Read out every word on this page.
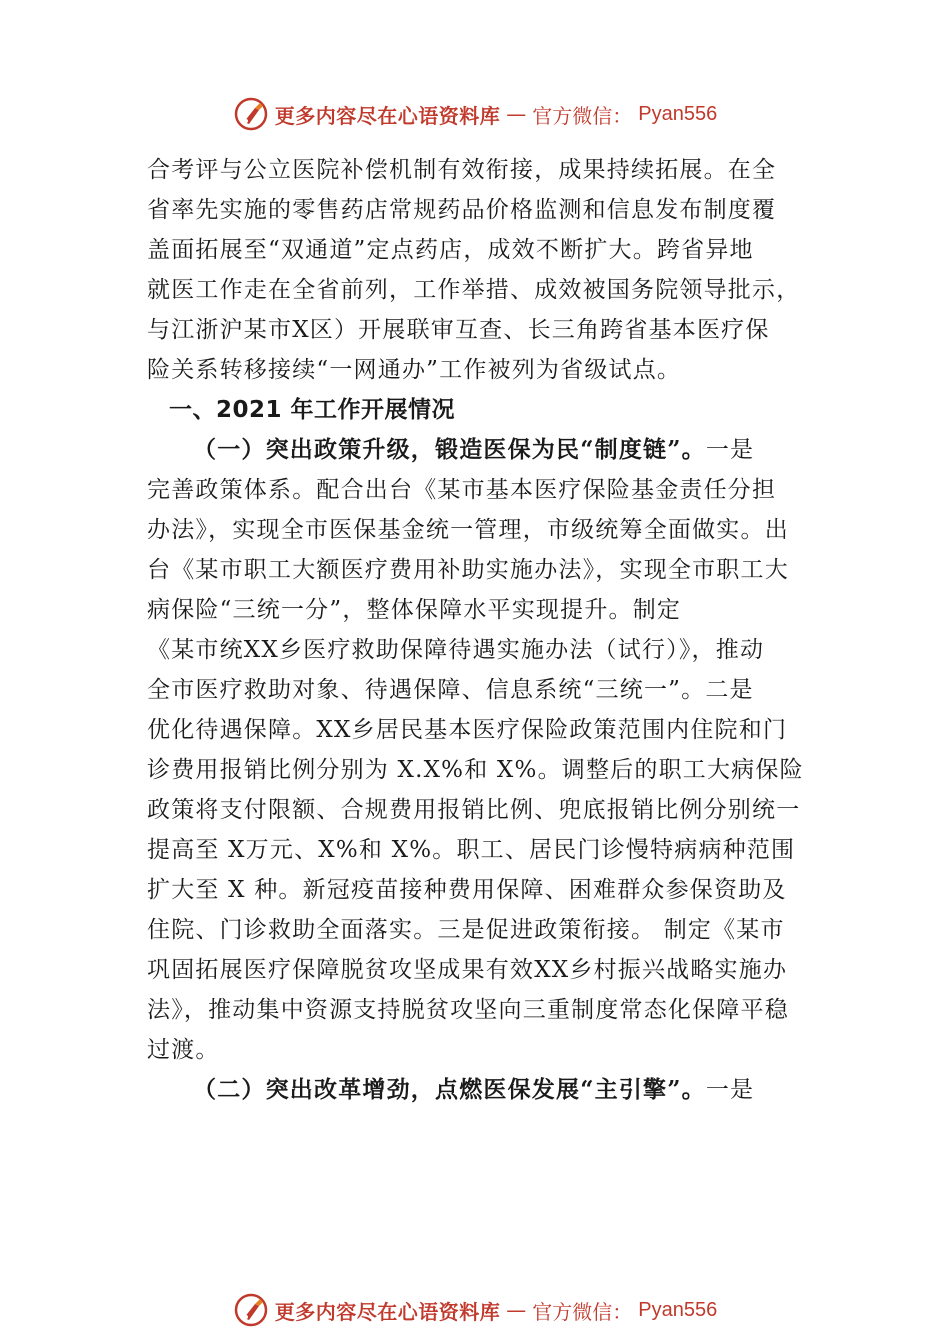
更多内容尽在心语资料库 — 官方微信： Pyan556
合考评与公立医院补偿机制有效衔接，成果持续拓展。在全
省率先实施的零售药店常规药品价格监测和信息发布制度覆
盖面拓展至“双通道”定点药店，成效不断扩大。跨省异地
就医工作走在全省前列，工作举措、成效被国务院领导批示，
与江浙沪某市X区）开展联审互查、长三角跨省基本医疗保
险关系转移接续“一网通办”工作被列为省级试点。
一、2021 年工作开展情况
（一）突出政策升级，锻造医保为民“制度链”。一是
完善政策体系。配合出台《某市基本医疗保险基金责任分担
办法》，实现全市医保基金统一管理，市级统筹全面做实。出
台《某市职工大额医疗费用补助实施办法》，实现全市职工大
病保险“三统一分”，整体保障水平实现提升。制定
《某市统XX乡医疗救助保障待遇实施办法（试行）》，推动
全市医疗救助对象、待遇保障、信息系统“三统一”。二是
优化待遇保障。XX乡居民基本医疗保险政策范围内住院和门
诊费用报销比例分别为 X.X%和 X%。调整后的职工大病保险
政策将支付限额、合规费用报销比例、兜底报销比例分别统一
提高至 X万元、X%和 X%。职工、居民门诊慢特病病种范围
扩大至 X 种。新冠疫苗接种费用保障、困难群众参保资助及
住院、门诊救助全面落实。三是促进政策衔接。 制定《某市
巩固拓展医疗保障脱贫攻坚成果有效XX乡村振兴战略实施办
法》，推动集中资源支持脱贫攻坚向三重制度常态化保障平稳
过渡。
（二）突出改革增劲，点燃医保发展“主引擎”。一是
更多内容尽在心语资料库 — 官方微信： Pyan556
